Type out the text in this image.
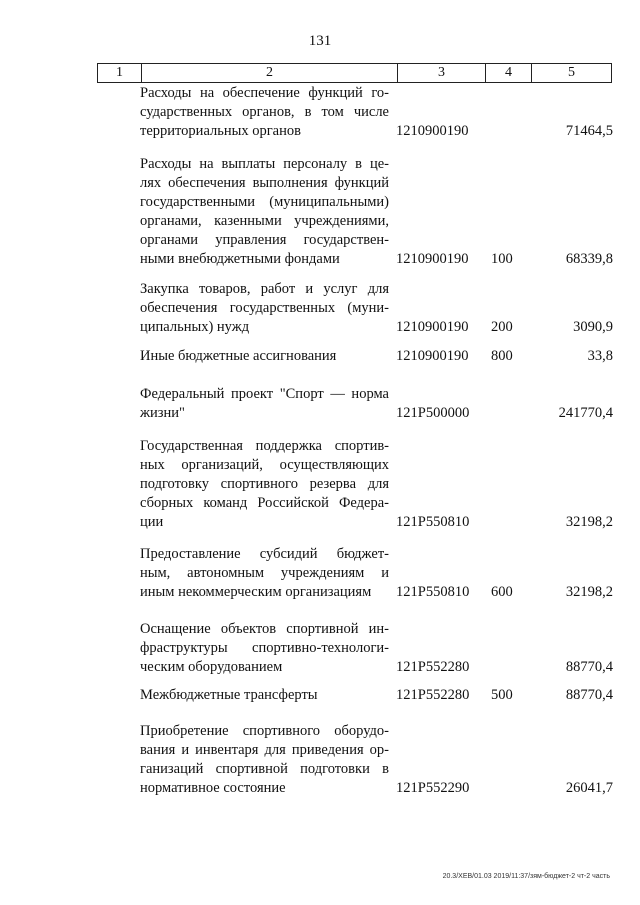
131
1	2	3	4	5
Расходы на обеспечение функций го-
сударственных органов, в том числе
территориальных органов	1210900190	71464,5
Расходы на выплаты персоналу в це-
лях обеспечения выполнения функций
государственными (муниципальными)
органами, казенными учреждениями,
органами управления государствен-
ными внебюджетными фондами	1210900190 100	68339,8
Закупка товаров, работ и услуг для
обеспечения государственных (муни-
ципальных) нужд	1210900190 200	3090,9
Иные бюджетные ассигнования	1210900190 800	33,8
Федеральный проект "Спорт — норма
жизни"	121P500000	241770,4
Государственная поддержка спортив-
ных организаций, осуществляющих
подготовку спортивного резерва для
сборных команд Российской Федера-
ции	121P550810	32198,2
Предоставление субсидий бюджет-
ным, автономным учреждениям и
иным некоммерческим организациям	121P550810 600	32198,2
Оснащение объектов спортивной ин-
фраструктуры спортивно-технологи-
ческим оборудованием	121P552280	88770,4
Межбюджетные трансферты	121P552280 500	88770,4
Приобретение спортивного оборудо-
вания и инвентаря для приведения ор-
ганизаций спортивной подготовки в
нормативное состояние	121P552290	26041,7
20.3/ХЕВ/01.03 2019/11:37/зям-бюджет-2 чт-2 часть
